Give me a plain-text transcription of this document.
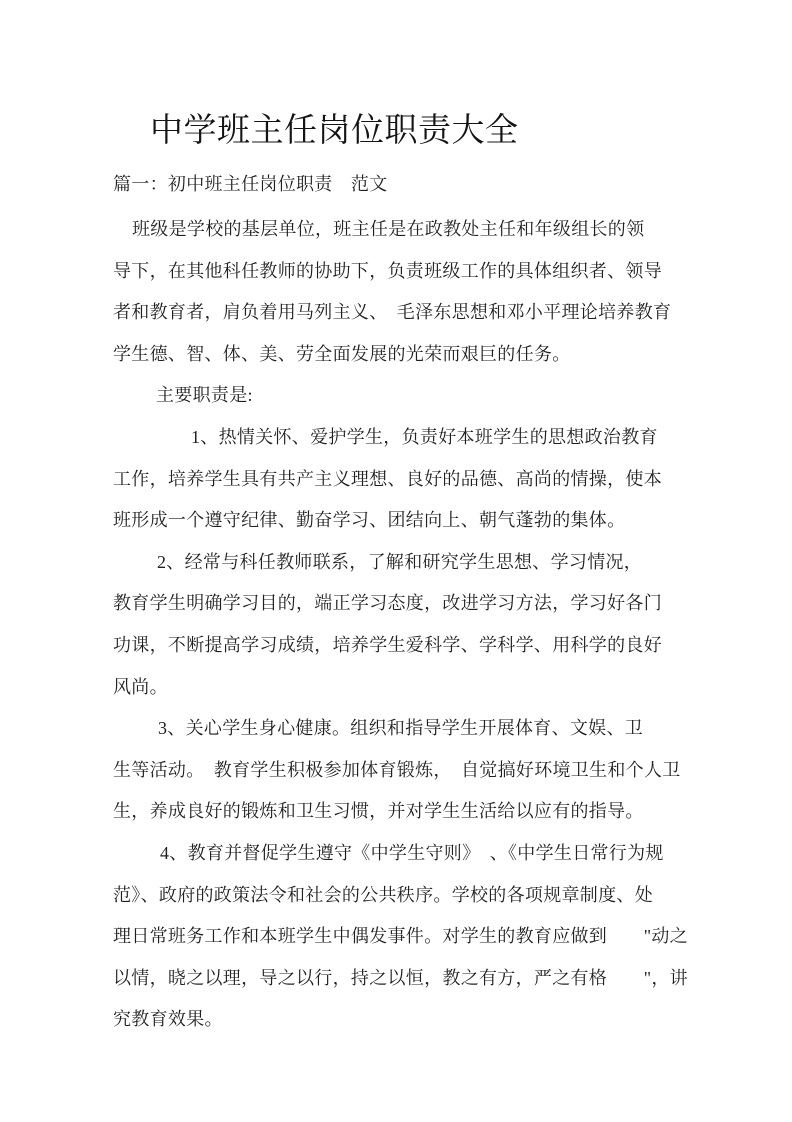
中学班主任岗位职责大全
篇一：初中班主任岗位职责　范文
班级是学校的基层单位，班主任是在政教处主任和年级组长的领
导下，在其他科任教师的协助下，负责班级工作的具体组织者、领导
者和教育者，肩负着用马列主义、　毛泽东思想和邓小平理论培养教育
学生德、智、体、美、劳全面发展的光荣而艰巨的任务。
主要职责是:
1、热情关怀、爱护学生，负责好本班学生的思想政治教育
工作，培养学生具有共产主义理想、良好的品德、高尚的情操，使本
班形成一个遵守纪律、勤奋学习、团结向上、朝气蓬勃的集体。
2、经常与科任教师联系，了解和研究学生思想、学习情况，
教育学生明确学习目的，端正学习态度，改进学习方法，学习好各门
功课，不断提高学习成绩，培养学生爱科学、学科学、用科学的良好
风尚。
3、关心学生身心健康。组织和指导学生开展体育、文娱、卫
生等活动。　教育学生积极参加体育锻炼，　自觉搞好环境卫生和个人卫
生，养成良好的锻炼和卫生习惯，并对学生生活给以应有的指导。
4、教育并督促学生遵守《中学生守则》　、《中学生日常行为规
范》、政府的政策法令和社会的公共秩序。学校的各项规章制度、处
理日常班务工作和本班学生中偶发事件。对学生的教育应做到　　"动之
以情，晓之以理，导之以行，持之以恒，教之有方，严之有格　　"，讲
究教育效果。
